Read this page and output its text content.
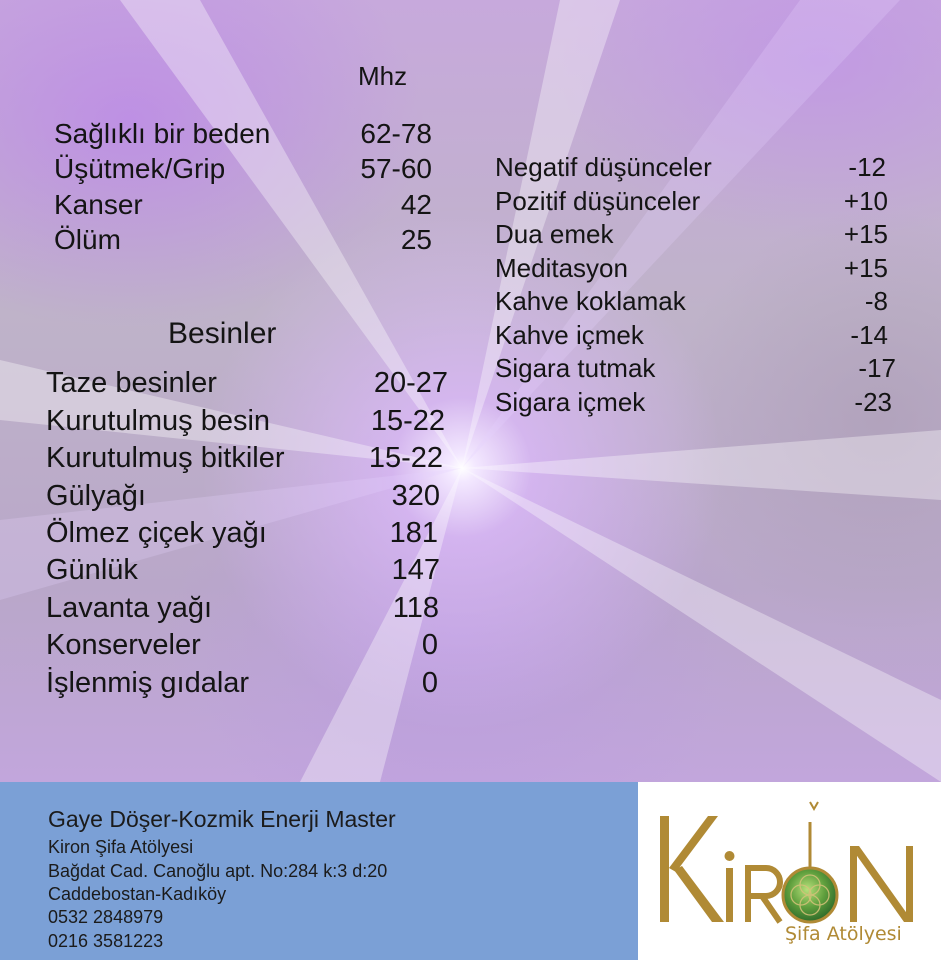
Mhz
Sağlıklı bir beden	62-78
Üşütmek/Grip	57-60
Kanser	42
Ölüm	25
Besinler
Taze besinler	20-27
Kurutulmuş besin	15-22
Kurutulmuş bitkiler	15-22
Gülyağı	320
Ölmez çiçek yağı	181
Günlük	147
Lavanta yağı	118
Konserveler	0
İşlenmiş gıdalar	0
Negatif düşünceler	-12
Pozitif düşünceler	+10
Dua emek	+15
Meditasyon	+15
Kahve koklamak	-8
Kahve içmek	-14
Sigara tutmak	-17
Sigara içmek	-23
Gaye Döşer-Kozmik Enerji Master
Kiron Şifa Atölyesi
Bağdat Cad. Canoğlu apt. No:284 k:3 d:20
Caddebostan-Kadıköy
0532 2848979
0216 3581223	Şifa Atölyesi
